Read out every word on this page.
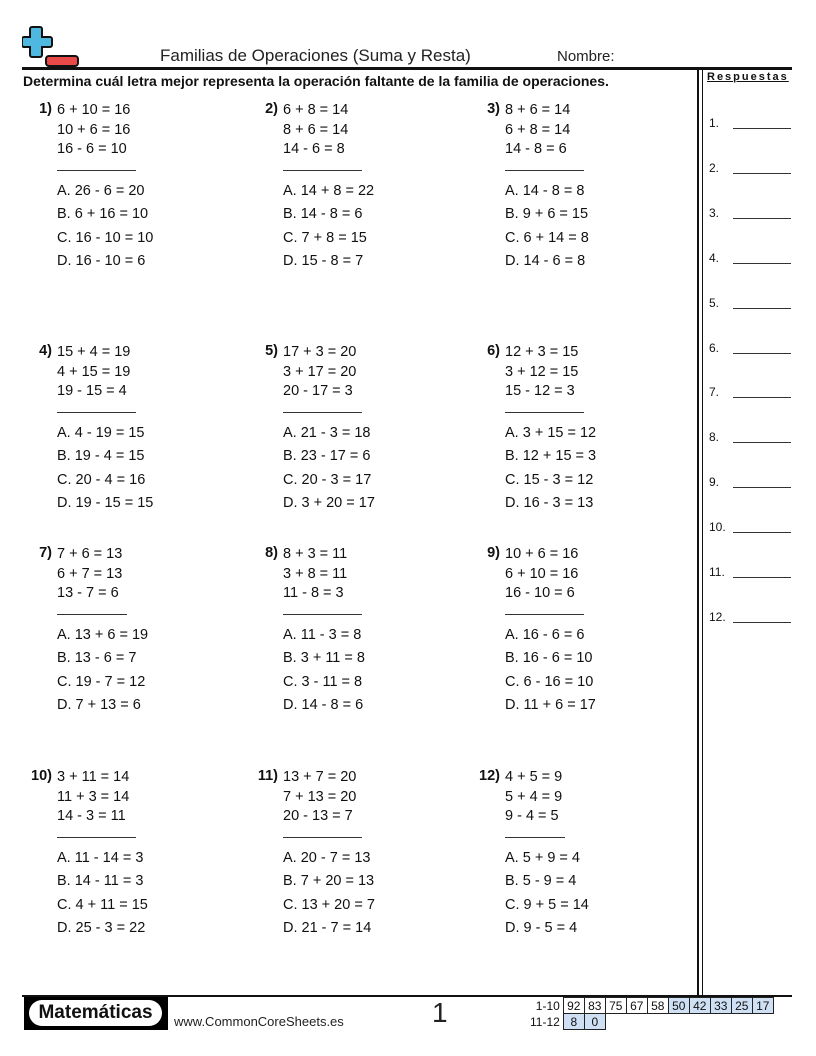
Familias de Operaciones (Suma y Resta)	Nombre:
Determina cuál letra mejor representa la operación faltante de la familia de operaciones.	Respuestas
1.
2.
3.
4.
5.
6.
7.
8.
9.
10.
11.
12.
1) 6 + 10 = 16
10 + 6 = 16
16 - 6 = 10
A. 26 - 6 = 20
B. 6 + 16 = 10
C. 16 - 10 = 10
D. 16 - 10 = 6
2) 6 + 8 = 14
8 + 6 = 14
14 - 6 = 8
A. 14 + 8 = 22
B. 14 - 8 = 6
C. 7 + 8 = 15
D. 15 - 8 = 7
3) 8 + 6 = 14
6 + 8 = 14
14 - 8 = 6
A. 14 - 8 = 8
B. 9 + 6 = 15
C. 6 + 14 = 8
D. 14 - 6 = 8
4) 15 + 4 = 19
4 + 15 = 19
19 - 15 = 4
A. 4 - 19 = 15
B. 19 - 4 = 15
C. 20 - 4 = 16
D. 19 - 15 = 15
5) 17 + 3 = 20
3 + 17 = 20
20 - 17 = 3
A. 21 - 3 = 18
B. 23 - 17 = 6
C. 20 - 3 = 17
D. 3 + 20 = 17
6) 12 + 3 = 15
3 + 12 = 15
15 - 12 = 3
A. 3 + 15 = 12
B. 12 + 15 = 3
C. 15 - 3 = 12
D. 16 - 3 = 13
7) 7 + 6 = 13
6 + 7 = 13
13 - 7 = 6
A. 13 + 6 = 19
B. 13 - 6 = 7
C. 19 - 7 = 12
D. 7 + 13 = 6
8) 8 + 3 = 11
3 + 8 = 11
11 - 8 = 3
A. 11 - 3 = 8
B. 3 + 11 = 8
C. 3 - 11 = 8
D. 14 - 8 = 6
9) 10 + 6 = 16
6 + 10 = 16
16 - 10 = 6
A. 16 - 6 = 6
B. 16 - 6 = 10
C. 6 - 16 = 10
D. 11 + 6 = 17
10) 3 + 11 = 14
11 + 3 = 14
14 - 3 = 11
A. 11 - 14 = 3
B. 14 - 11 = 3
C. 4 + 11 = 15
D. 25 - 3 = 22
11) 13 + 7 = 20
7 + 13 = 20
20 - 13 = 7
A. 20 - 7 = 13
B. 7 + 20 = 13
C. 13 + 20 = 7
D. 21 - 7 = 14
12) 4 + 5 = 9
5 + 4 = 9
9 - 4 = 5
A. 5 + 9 = 4
B. 5 - 9 = 4
C. 9 + 5 = 14
D. 9 - 5 = 4
Matemáticas	www.CommonCoreSheets.es	1	1-10	92	83	75	67	58	50	42	33	25	17
11-12	8	0								
